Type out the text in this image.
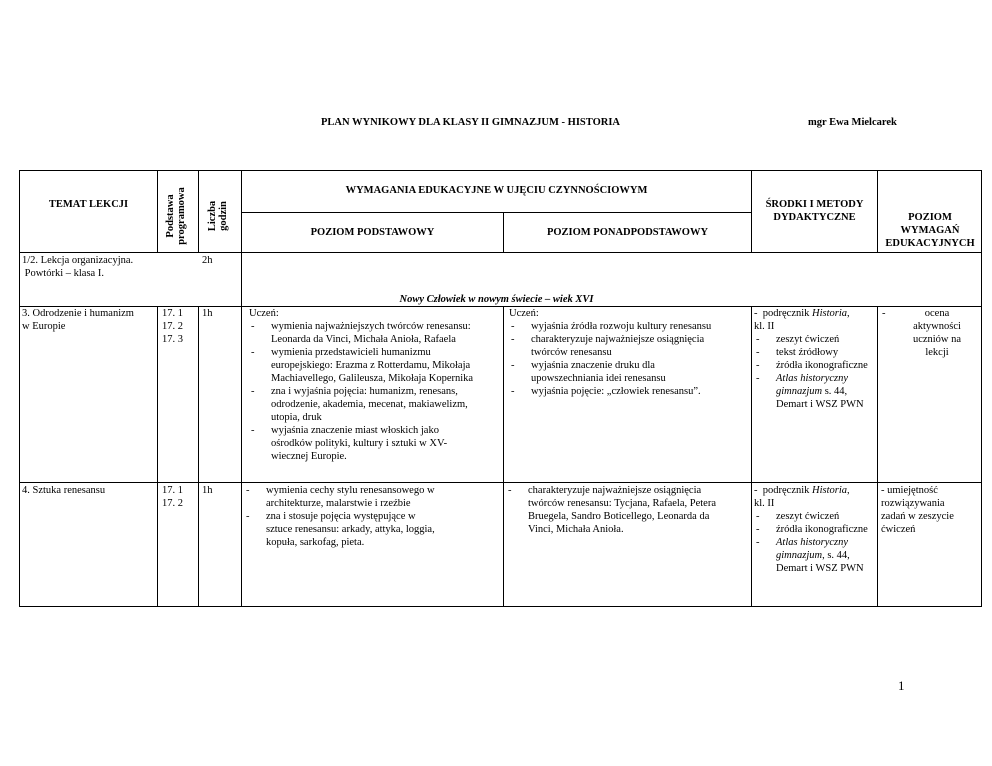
PLAN WYNIKOWY DLA KLASY II GIMNAZJUM - HISTORIA	mgr Ewa Mielcarek
TEMAT LEKCJI	Podstawa programowa Liczba godzin
WYMAGANIA EDUKACYJNE W UJĘCIU CZYNNOŚCIOWYM
POZIOM PODSTAWOWY	POZIOM PONADPODSTAWOWY
ŚRODKI I METODY
DYDAKTYCZNE	POZIOM
WYMAGAŃ
EDUKACYJNYCH
1/2. Lekcja organizacyjna.
Powtórki – klasa I.
2h
Nowy Człowiek w nowym świecie – wiek XVI
3. Odrodzenie i humanizm
w Europie
17. 1
17. 2
17. 3
1h	Uczeń:
- wymienia najważniejszych twórców renesansu:
Leonarda da Vinci, Michała Anioła, Rafaela
- wymienia przedstawicieli humanizmu
europejskiego: Erazma z Rotterdamu, Mikołaja
Machiavellego, Galileusza, Mikołaja Kopernika
- zna i wyjaśnia pojęcia: humanizm, renesans,
odrodzenie, akademia, mecenat, makiawelizm,
utopia, druk
- wyjaśnia znaczenie miast włoskich jako
ośrodków polityki, kultury i sztuki w XV-
wiecznej Europie.
Uczeń:
- wyjaśnia źródła rozwoju kultury renesansu
- charakteryzuje najważniejsze osiągnięcia
twórców renesansu
- wyjaśnia znaczenie druku dla
upowszechniania idei renesansu
- wyjaśnia pojęcie: „człowiek renesansu”.
-  podręcznik Historia,
kl. II
- zeszyt ćwiczeń
- tekst źródłowy
- źródła ikonograficzne
- Atlas historyczny gimnazjum s. 44,
Demart i WSZ PWN
- ocena
aktywności
uczniów na
lekcji
4. Sztuka renesansu	17. 1
17. 2
1h
-	wymienia cechy stylu renesansowego w
architekturze, malarstwie i rzeźbie
- zna i stosuje pojęcia występujące w
sztuce renesansu: arkady, attyka, loggia,
kopuła, sarkofag, pieta.
- charakteryzuje najważniejsze osiągnięcia
twórców renesansu: Tycjana, Rafaela, Petera
Bruegela, Sandro Boticellego, Leonarda da
Vinci, Michała Anioła.
-  podręcznik Historia,
kl. II
- zeszyt ćwiczeń
- źródła ikonograficzne
- Atlas historyczny gimnazjum, s. 44,
Demart i WSZ PWN
- umiejętność
rozwiązywania
zadań w zeszycie
ćwiczeń
1
